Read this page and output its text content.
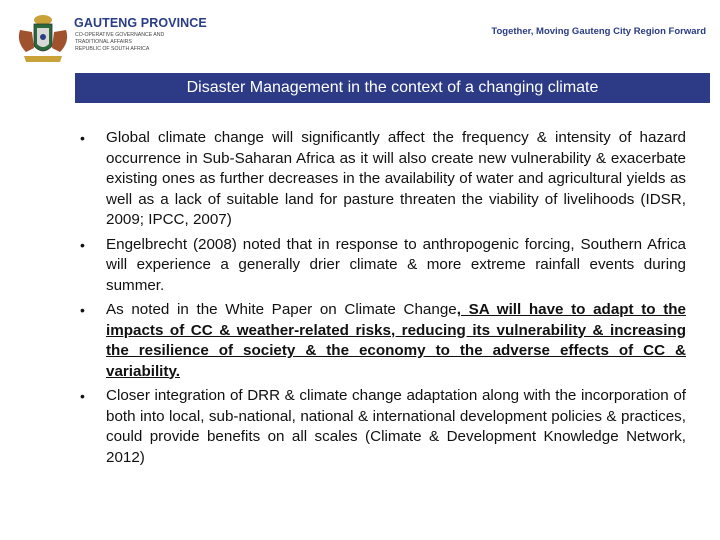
GAUTENG PROVINCE
CO-OPERATIVE GOVERNANCE AND
TRADITIONAL AFFAIRS
REPUBLIC OF SOUTH AFRICA
Together, Moving Gauteng City Region Forward
Disaster Management in the context of a changing climate
• Global climate change will significantly affect the frequency & intensity of hazard occurrence in Sub-Saharan Africa as it will also create new vulnerability & exacerbate existing ones as further decreases in the availability of water and agricultural yields as well as a lack of suitable land for pasture threaten the viability of livelihoods (IDSR, 2009; IPCC, 2007)
• Engelbrecht (2008) noted that in response to anthropogenic forcing, Southern Africa will experience a generally drier climate & more extreme rainfall events during summer.
• As noted in the White Paper on Climate Change, SA will have to adapt to the impacts of CC & weather-related risks, reducing its vulnerability & increasing the resilience of society & the economy to the adverse effects of CC & variability.
• Closer integration of DRR & climate change adaptation along with the incorporation of both into local, sub-national, national & international development policies & practices, could provide benefits on all scales (Climate & Development Knowledge Network, 2012)
